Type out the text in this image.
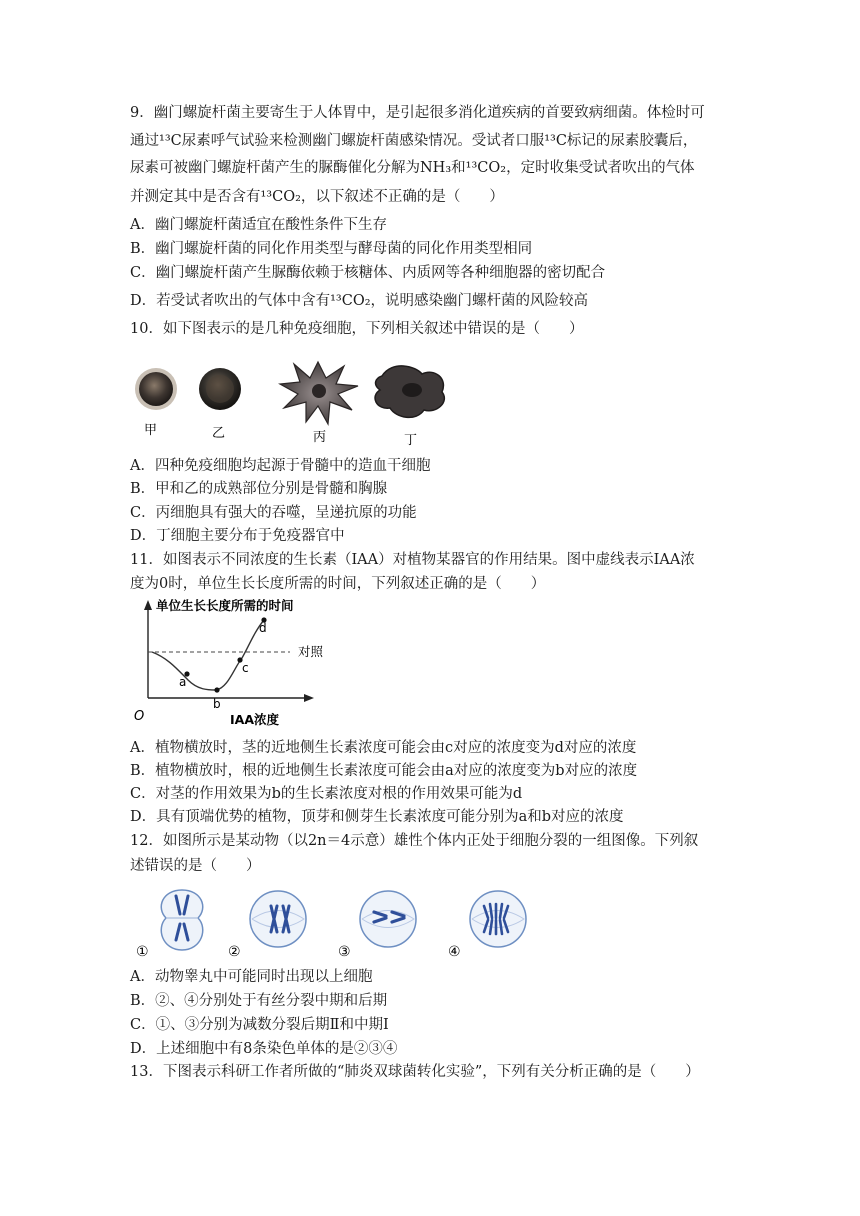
9．幽门螺旋杆菌主要寄生于人体胃中，是引起很多消化道疾病的首要致病细菌。体检时可
通过¹³C尿素呼气试验来检测幽门螺旋杆菌感染情况。受试者口服¹³C标记的尿素胶囊后，
尿素可被幽门螺旋杆菌产生的脲酶催化分解为NH₃和¹³CO₂，定时收集受试者吹出的气体
并测定其中是否含有¹³CO₂，以下叙述不正确的是（　　）
A．幽门螺旋杆菌适宜在酸性条件下生存
B．幽门螺旋杆菌的同化作用类型与酵母菌的同化作用类型相同
C．幽门螺旋杆菌产生脲酶依赖于核糖体、内质网等各种细胞器的密切配合
D．若受试者吹出的气体中含有¹³CO₂，说明感染幽门螺杆菌的风险较高
10．如下图表示的是几种免疫细胞，下列相关叙述中错误的是（　　）
甲	乙	丙	丁
A．四种免疫细胞均起源于骨髓中的造血干细胞
B．甲和乙的成熟部位分别是骨髓和胸腺
C．丙细胞具有强大的吞噬，呈递抗原的功能
D．丁细胞主要分布于免疫器官中
11．如图表示不同浓度的生长素（IAA）对植物某器官的作用结果。图中虚线表示IAA浓
度为0时，单位生长长度所需的时间，下列叙述正确的是（　　）
单位生长长度所需的时间
IAA浓度
O
对照
a
b
c
d
A．植物横放时，茎的近地侧生长素浓度可能会由c对应的浓度变为d对应的浓度
B．植物横放时，根的近地侧生长素浓度可能会由a对应的浓度变为b对应的浓度
C．对茎的作用效果为b的生长素浓度对根的作用效果可能为d
D．具有顶端优势的植物，顶芽和侧芽生长素浓度可能分别为a和b对应的浓度
12．如图所示是某动物（以2n＝4示意）雄性个体内正处于细胞分裂的一组图像。下列叙
述错误的是（　　）
①	②	③	④
A．动物睾丸中可能同时出现以上细胞
B．②、④分别处于有丝分裂中期和后期
C．①、③分别为减数分裂后期Ⅱ和中期Ⅰ
D．上述细胞中有8条染色单体的是②③④
13．下图表示科研工作者所做的“肺炎双球菌转化实验”，下列有关分析正确的是（　　）
